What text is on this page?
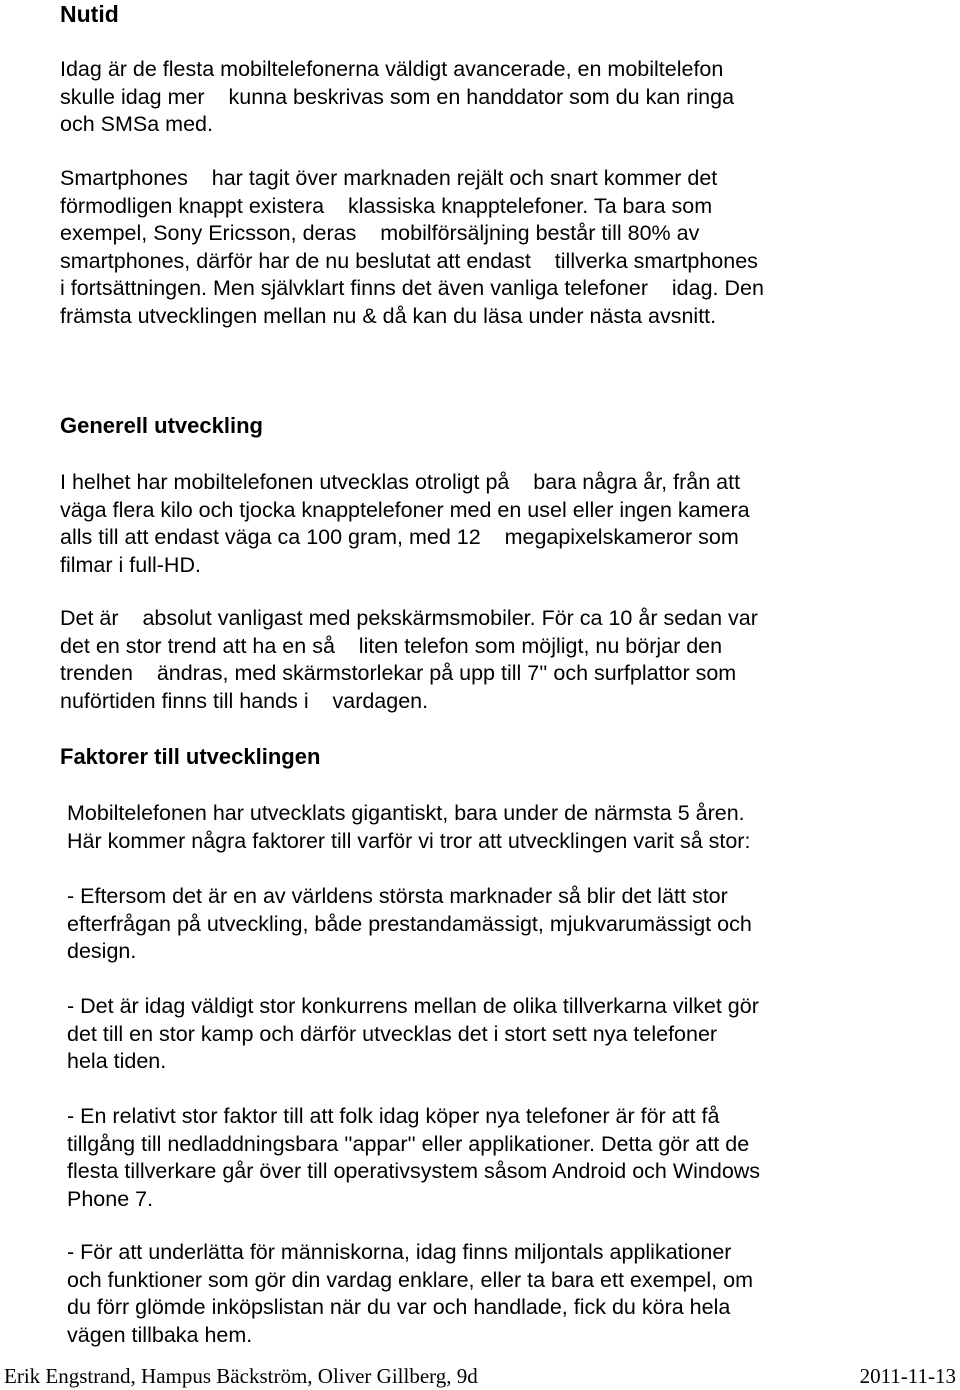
Nutid
Idag är de flesta mobiltelefonerna väldigt avancerade, en mobiltelefon
skulle idag mer    kunna beskrivas som en handdator som du kan ringa
och SMSa med.
Smartphones    har tagit över marknaden rejält och snart kommer det
förmodligen knappt existera    klassiska knapptelefoner. Ta bara som
exempel, Sony Ericsson, deras    mobilförsäljning består till 80% av
smartphones, därför har de nu beslutat att endast    tillverka smartphones
i fortsättningen. Men självklart finns det även vanliga telefoner    idag. Den
främsta utvecklingen mellan nu & då kan du läsa under nästa avsnitt.
Generell utveckling
I helhet har mobiltelefonen utvecklas otroligt på    bara några år, från att
väga flera kilo och tjocka knapptelefoner med en usel eller ingen kamera
alls till att endast väga ca 100 gram, med 12    megapixelskameror som
filmar i full-HD.
Det är    absolut vanligast med pekskärmsmobiler. För ca 10 år sedan var
det en stor trend att ha en så    liten telefon som möjligt, nu börjar den
trenden    ändras, med skärmstorlekar på upp till 7'' och surfplattor som
nuförtiden finns till hands i    vardagen.
Faktorer till utvecklingen
Mobiltelefonen har utvecklats gigantiskt, bara under de närmsta 5 åren.
Här kommer några faktorer till varför vi tror att utvecklingen varit så stor:
- Eftersom det är en av världens största marknader så blir det lätt stor
efterfrågan på utveckling, både prestandamässigt, mjukvarumässigt och
design.
- Det är idag väldigt stor konkurrens mellan de olika tillverkarna vilket gör
det till en stor kamp och därför utvecklas det i stort sett nya telefoner
hela tiden.
- En relativt stor faktor till att folk idag köper nya telefoner är för att få
tillgång till nedladdningsbara ''appar'' eller applikationer. Detta gör att de
flesta tillverkare går över till operativsystem såsom Android och Windows
Phone 7.
- För att underlätta för människorna, idag finns miljontals applikationer
och funktioner som gör din vardag enklare, eller ta bara ett exempel, om
du förr glömde inköpslistan när du var och handlade, fick du köra hela
vägen tillbaka hem.
Erik Engstrand, Hampus Bäckström, Oliver Gillberg, 9d	2011-11-13
